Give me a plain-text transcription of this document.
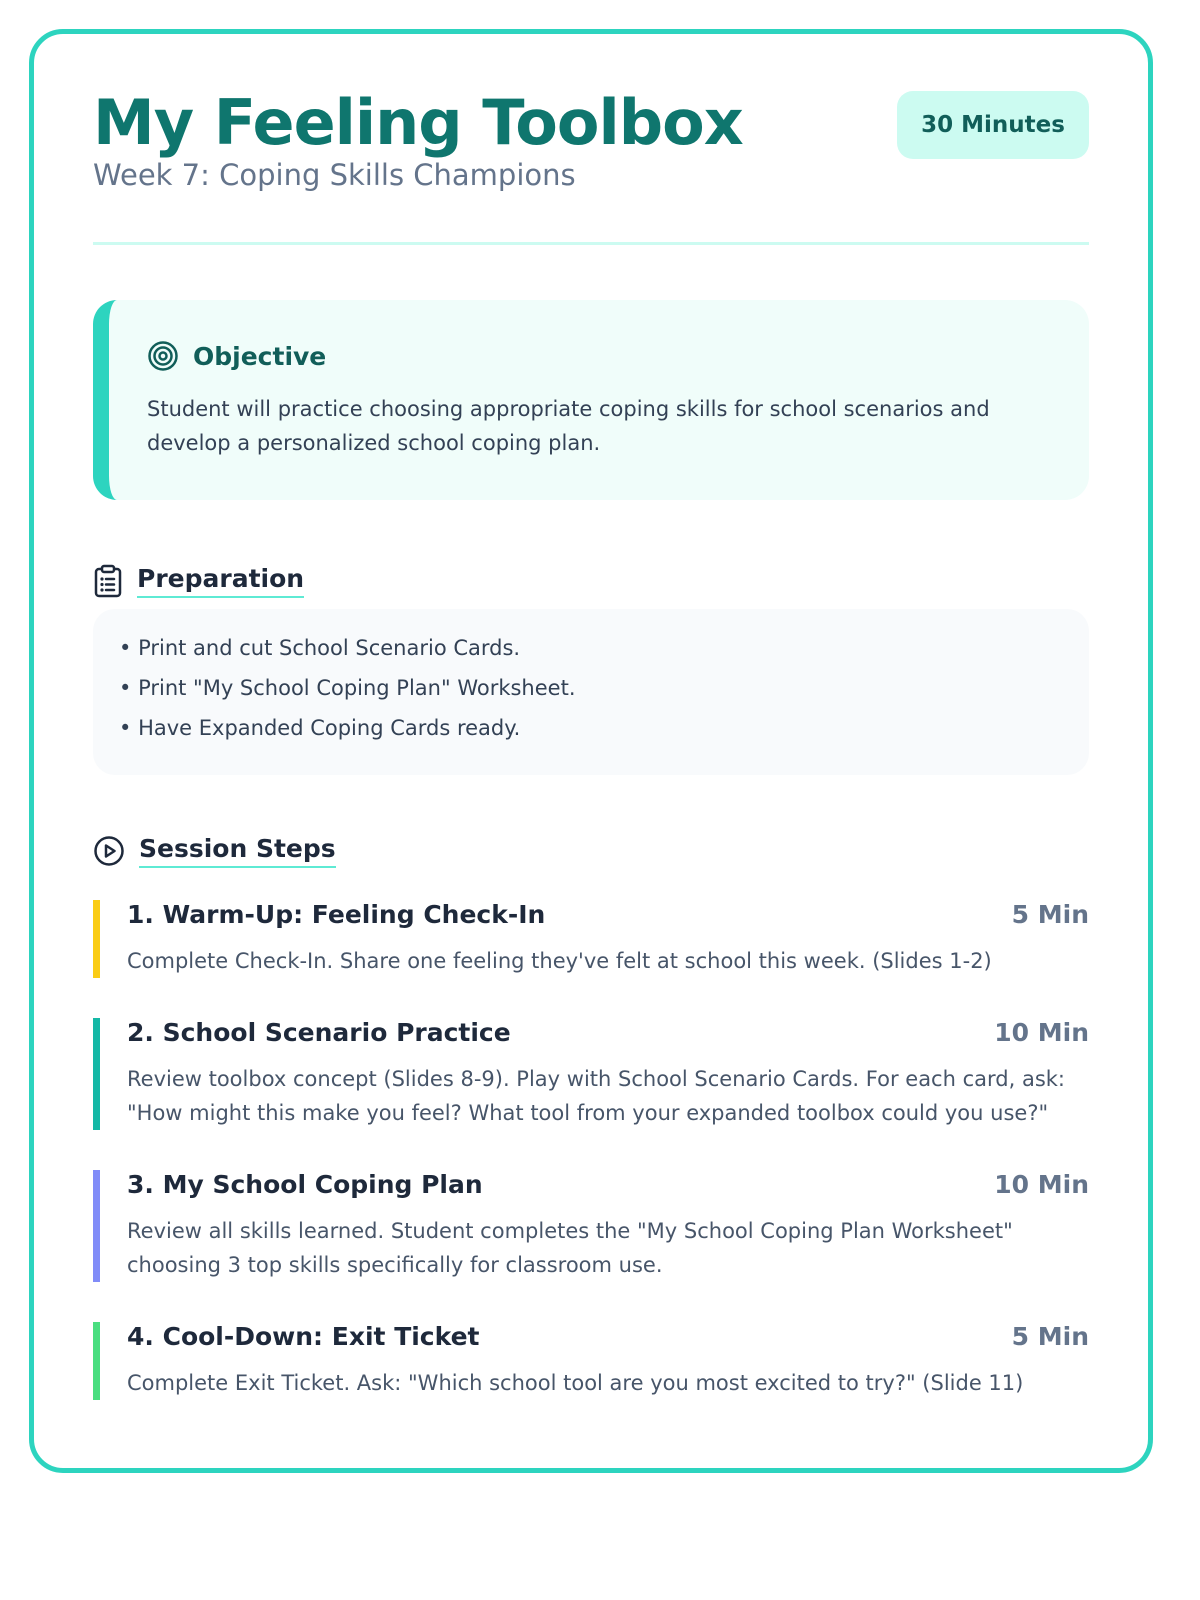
My Feeling Toolbox
Week 7: Coping Skills Champions
30 Minutes
Objective
Student will practice choosing appropriate coping skills for school scenarios and develop a personalized school coping plan.
Preparation
• Print and cut School Scenario Cards.
• Print "My School Coping Plan" Worksheet.
• Have Expanded Coping Cards ready.
Session Steps
1. Warm-Up: Feeling Check-In	5 Min
Complete Check-In. Share one feeling they've felt at school this week. (Slides 1-2)
2. School Scenario Practice	10 Min
Review toolbox concept (Slides 8-9). Play with School Scenario Cards. For each card, ask: "How might this make you feel? What tool from your expanded toolbox could you use?"
3. My School Coping Plan	10 Min
Review all skills learned. Student completes the "My School Coping Plan Worksheet" choosing 3 top skills specifically for classroom use.
4. Cool-Down: Exit Ticket	5 Min
Complete Exit Ticket. Ask: "Which school tool are you most excited to try?" (Slide 11)
